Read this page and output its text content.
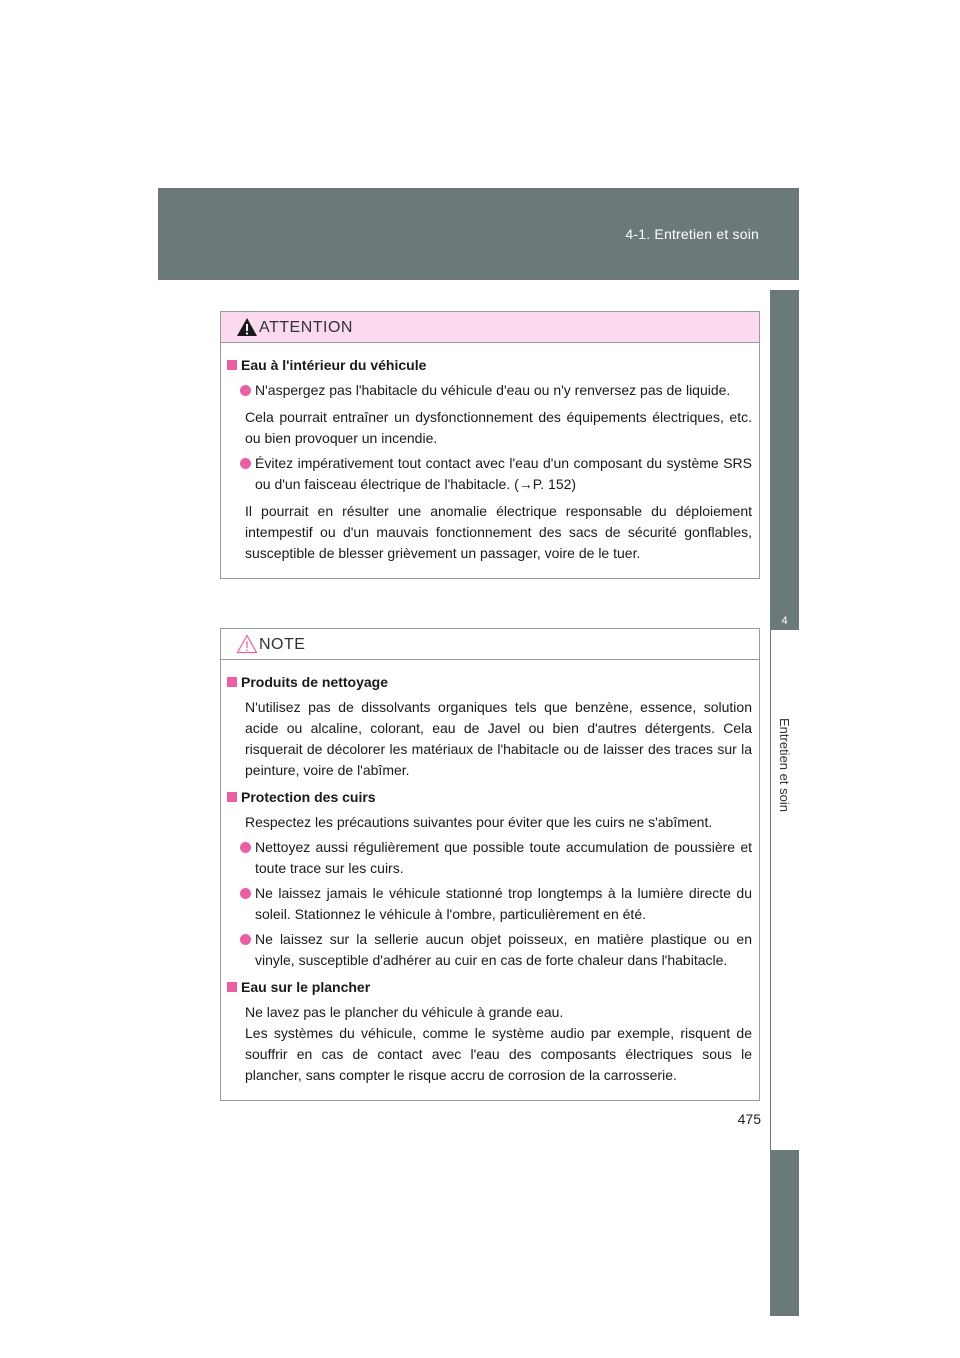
4-1. Entretien et soin
4
Entretien et soin
ATTENTION
Eau à l'intérieur du véhicule
N'aspergez pas l'habitacle du véhicule d'eau ou n'y renversez pas de liquide.
Cela pourrait entraîner un dysfonctionnement des équipements électriques, etc. ou bien provoquer un incendie.
Évitez impérativement tout contact avec l'eau d'un composant du système SRS ou d'un faisceau électrique de l'habitacle. (→P. 152)
Il pourrait en résulter une anomalie électrique responsable du déploiement intempestif ou d'un mauvais fonctionnement des sacs de sécurité gonflables, susceptible de blesser grièvement un passager, voire de le tuer.
NOTE
Produits de nettoyage
N'utilisez pas de dissolvants organiques tels que benzène, essence, solution acide ou alcaline, colorant, eau de Javel ou bien d'autres détergents. Cela risquerait de décolorer les matériaux de l'habitacle ou de laisser des traces sur la peinture, voire de l'abîmer.
Protection des cuirs
Respectez les précautions suivantes pour éviter que les cuirs ne s'abîment.
Nettoyez aussi régulièrement que possible toute accumulation de poussière et toute trace sur les cuirs.
Ne laissez jamais le véhicule stationné trop longtemps à la lumière directe du soleil. Stationnez le véhicule à l'ombre, particulièrement en été.
Ne laissez sur la sellerie aucun objet poisseux, en matière plastique ou en vinyle, susceptible d'adhérer au cuir en cas de forte chaleur dans l'habitacle.
Eau sur le plancher
Ne lavez pas le plancher du véhicule à grande eau.
Les systèmes du véhicule, comme le système audio par exemple, risquent de souffrir en cas de contact avec l'eau des composants électriques sous le plancher, sans compter le risque accru de corrosion de la carrosserie.
475
